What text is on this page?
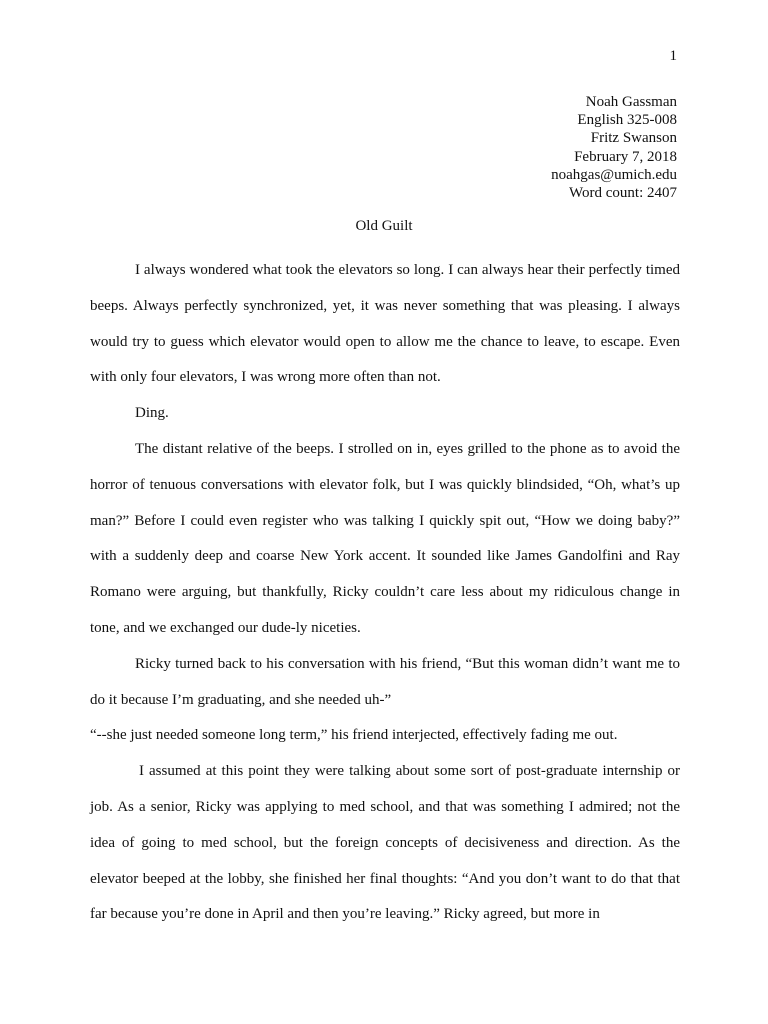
1
Noah Gassman
English 325-008
Fritz Swanson
February 7, 2018
noahgas@umich.edu
Word count: 2407
Old Guilt

I always wondered what took the elevators so long. I can always hear their perfectly timed beeps. Always perfectly synchronized, yet, it was never something that was pleasing. I always would try to guess which elevator would open to allow me the chance to leave, to escape. Even with only four elevators, I was wrong more often than not.

Ding.

The distant relative of the beeps. I strolled on in, eyes grilled to the phone as to avoid the horror of tenuous conversations with elevator folk, but I was quickly blindsided, “Oh, what’s up man?” Before I could even register who was talking I quickly spit out, “How we doing baby?” with a suddenly deep and coarse New York accent. It sounded like James Gandolfini and Ray Romano were arguing, but thankfully, Ricky couldn’t care less about my ridiculous change in tone, and we exchanged our dude-ly niceties.

Ricky turned back to his conversation with his friend, “But this woman didn’t want me to do it because I’m graduating, and she needed uh-”

“--she just needed someone long term,” his friend interjected, effectively fading me out.

I assumed at this point they were talking about some sort of post-graduate internship or job. As a senior, Ricky was applying to med school, and that was something I admired; not the idea of going to med school, but the foreign concepts of decisiveness and direction. As the elevator beeped at the lobby, she finished her final thoughts: “And you don’t want to do that that far because you’re done in April and then you’re leaving.” Ricky agreed, but more in
